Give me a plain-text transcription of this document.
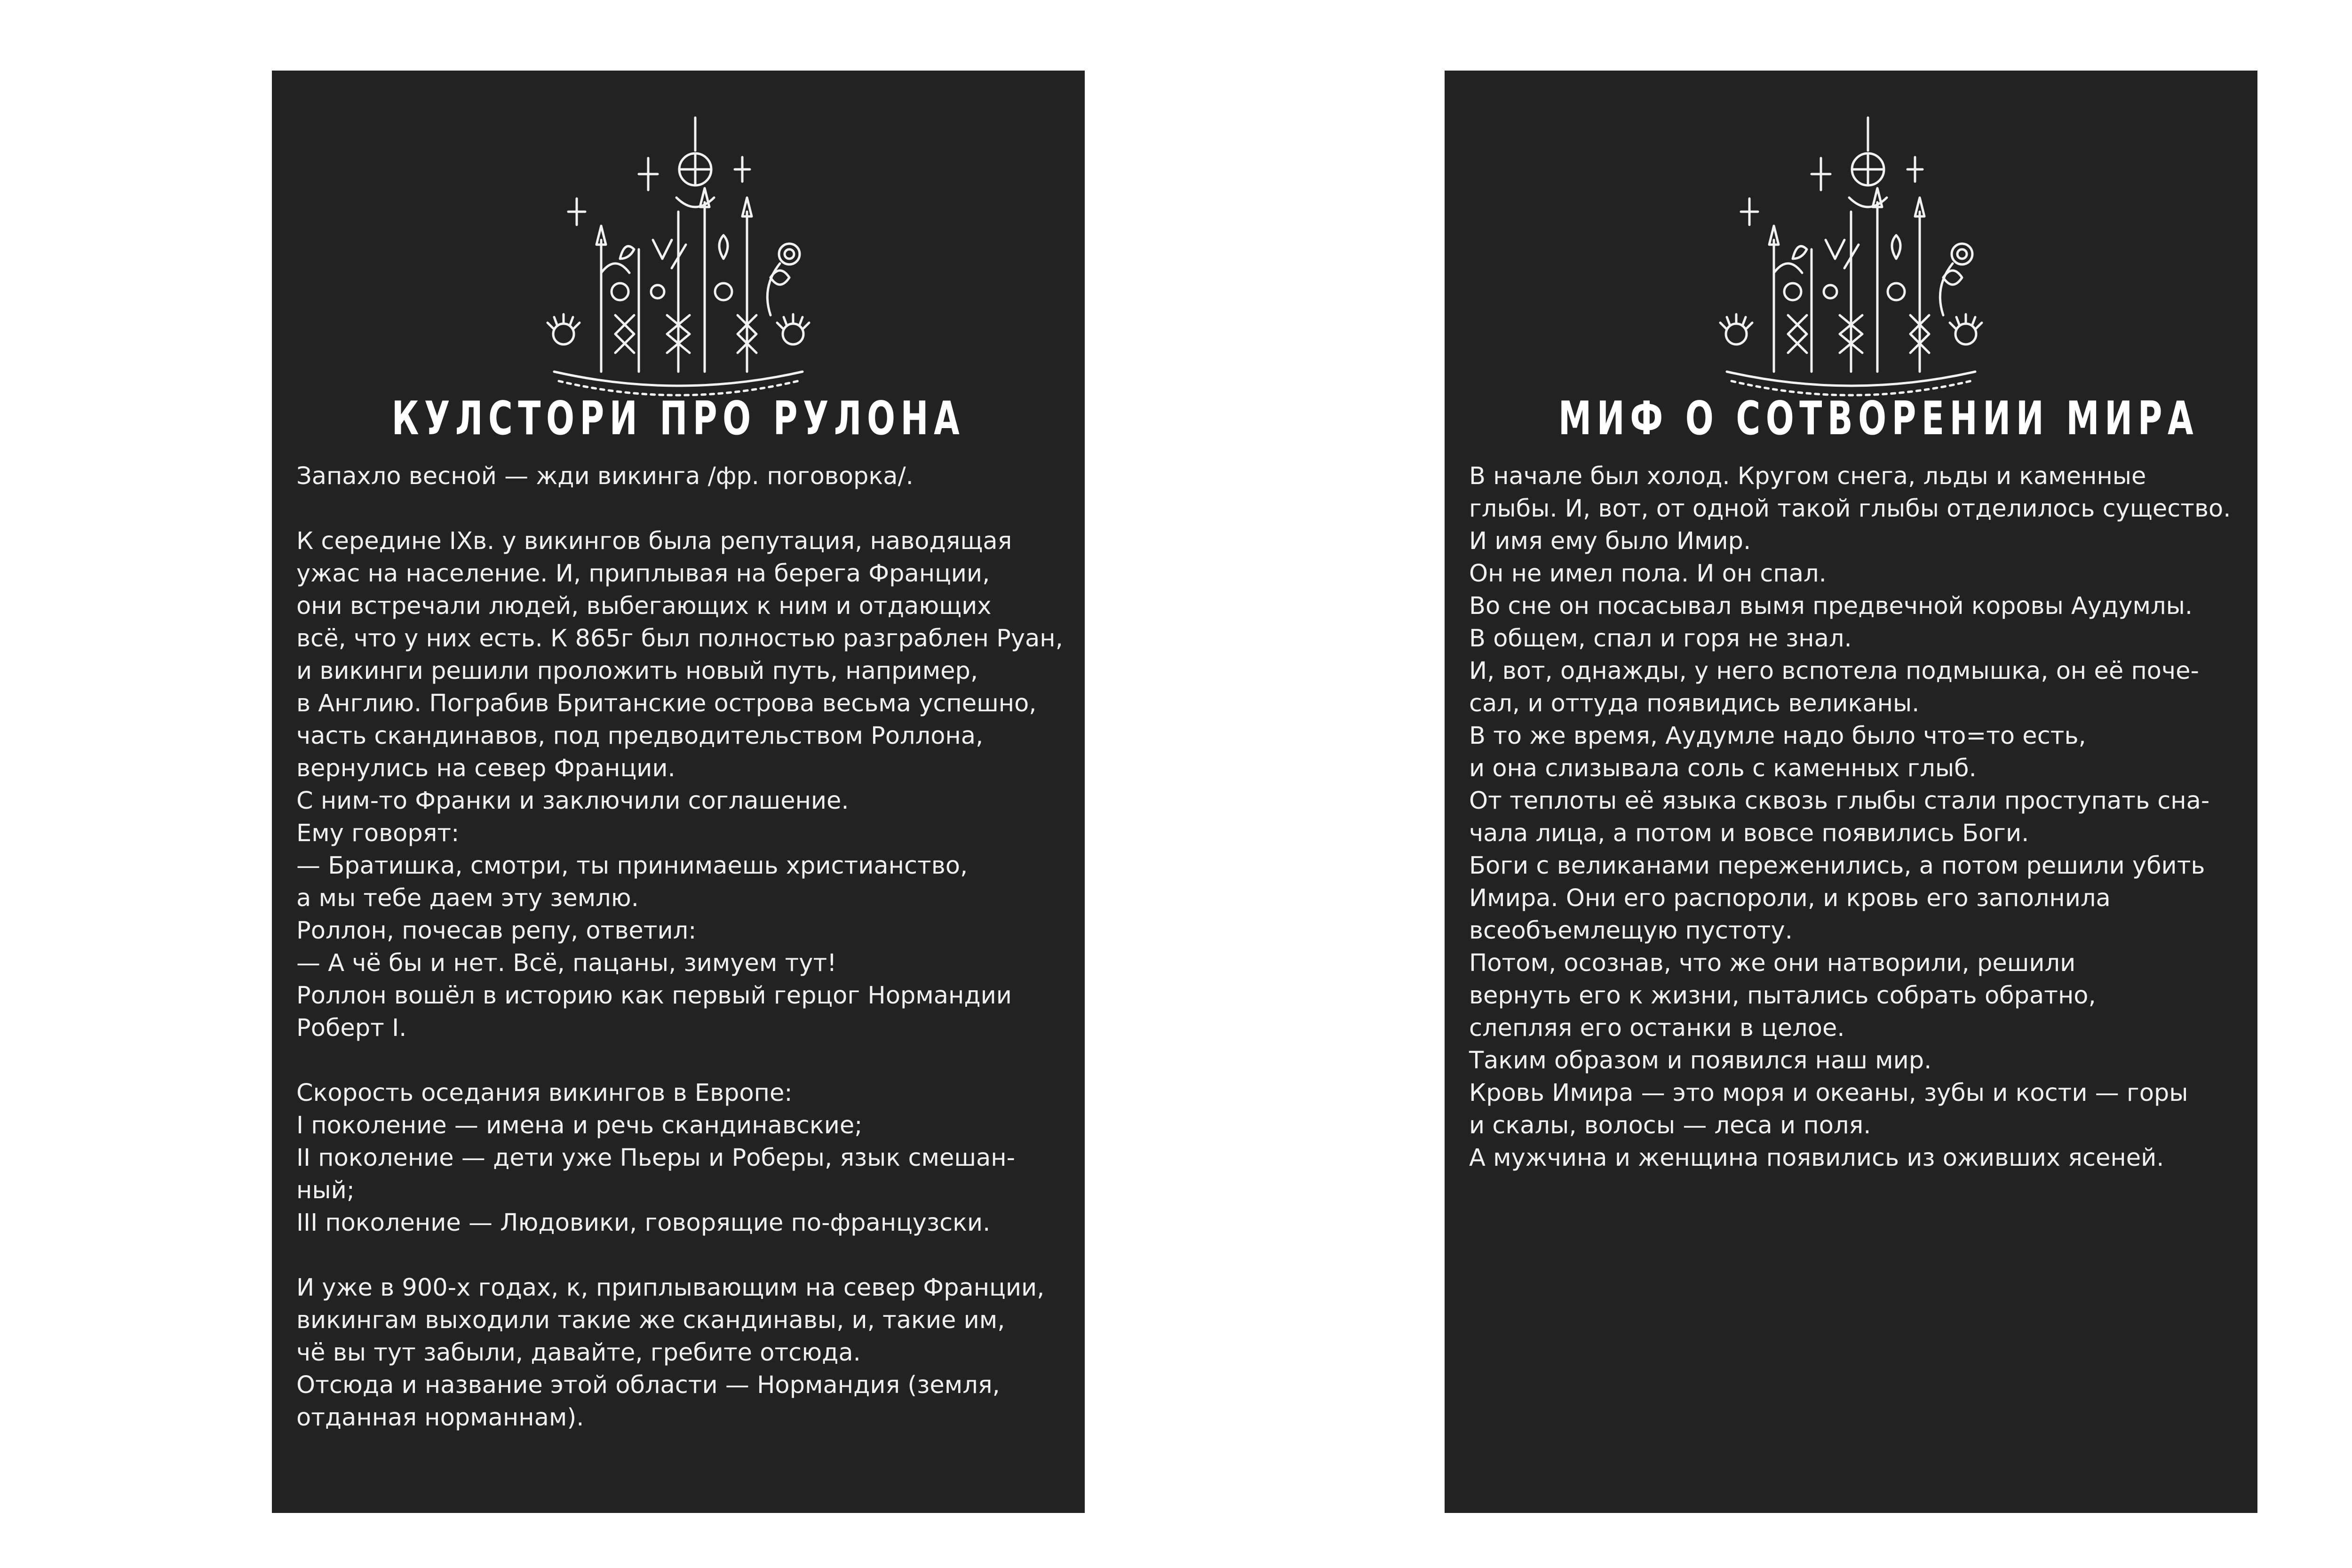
КУЛСТОРИ ПРО РУЛОНА
Запахло весной — жди викинга /фр. поговорка/.
К середине IXв. у викингов была репутация, наводящая
ужас на население. И, приплывая на берега Франции,
они встречали людей, выбегающих к ним и отдающих
всё, что у них есть. К 865г был полностью разграблен Руан,
и викинги решили проложить новый путь, например,
в Англию. Пограбив Британские острова весьма успешно,
часть скандинавов, под предводительством Роллона,
вернулись на север Франции.
С ним-то Франки и заключили соглашение.
Ему говорят:
— Братишка, смотри, ты принимаешь христианство,
а мы тебе даем эту землю.
Роллон, почесав репу, ответил:
— А чё бы и нет. Всё, пацаны, зимуем тут!
Роллон вошёл в историю как первый герцог Нормандии
Роберт I.
Скорость оседания викингов в Европе:
I поколение — имена и речь скандинавские;
II поколение — дети уже Пьеры и Роберы, язык смешан-
ный;
III поколение — Людовики, говорящие по-французски.
И уже в 900-х годах, к, приплывающим на север Франции,
викингам выходили такие же скандинавы, и, такие им,
чё вы тут забыли, давайте, гребите отсюда.
Отсюда и название этой области — Нормандия (земля,
отданная норманнам).
МИФ О СОТВОРЕНИИ МИРА
В начале был холод. Кругом снега, льды и каменные
глыбы. И, вот, от одной такой глыбы отделилось существо.
И имя ему было Имир.
Он не имел пола. И он спал.
Во сне он посасывал вымя предвечной коровы Аудумлы.
В общем, спал и горя не знал.
И, вот, однажды, у него вспотела подмышка, он её поче-
сал, и оттуда появидись великаны.
В то же время, Аудумле надо было что=то есть,
и она слизывала соль с каменных глыб.
От теплоты её языка сквозь глыбы стали проступать сна-
чала лица, а потом и вовсе появились Боги.
Боги с великанами переженились, а потом решили убить
Имира. Они его распороли, и кровь его заполнила
всеобъемлещую пустоту.
Потом, осознав, что же они натворили, решили
вернуть его к жизни, пытались собрать обратно,
слепляя его останки в целое.
Таким образом и появился наш мир.
Кровь Имира — это моря и океаны, зубы и кости — горы
и скалы, волосы — леса и поля.
А мужчина и женщина появились из оживших ясеней.
